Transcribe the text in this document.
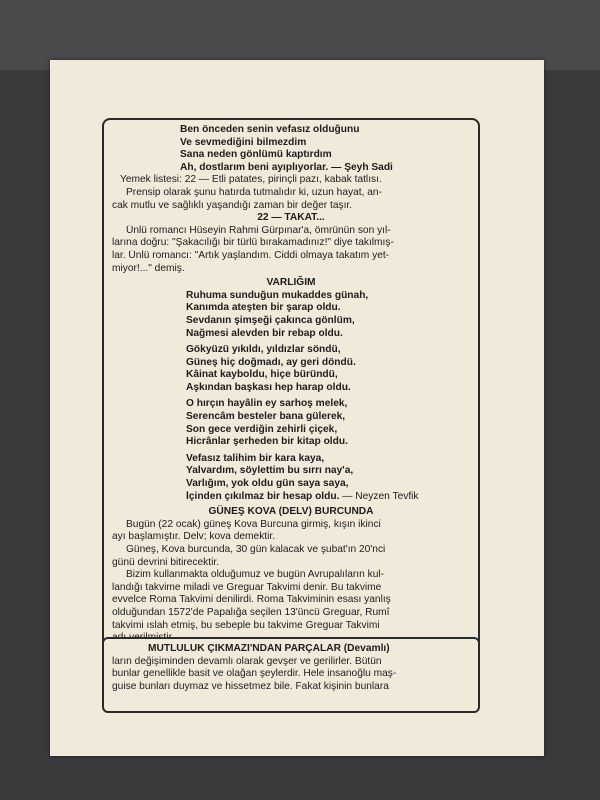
Ben önceden senin vefasız olduğunu
Ve sevmediğini bilmezdim
Sana neden gönlümü kaptırdım
Ah, dostlarım beni ayıplıyorlar. — Şeyh Sadi
Yemek listesi: 22 — Etli patates, pirinçli pazı, kabak tatlısı.
Prensip olarak şunu hatırda tutmalıdır ki, uzun hayat, an-
cak mutlu ve sağlıklı yaşandığı zaman bir değer taşır.
22 — TAKAT...
Ünlü romancı Hüseyin Rahmi Gürpınar'a, ömrünün son yıl-
larına doğru: "Şakacılığı bir türlü bırakamadınız!" diye takılmış-
lar. Ünlü romancı: "Artık yaşlandım. Ciddi olmaya takatım yet-
miyor!..." demiş.
VARLIĞIM
Ruhuma sunduğun mukaddes günah,
Kanımda ateşten bir şarap oldu.
Sevdanın şimşeği çakınca gönlüm,
Nağmesi alevden bir rebap oldu.
Gökyüzü yıkıldı, yıldızlar söndü,
Güneş hiç doğmadı, ay geri döndü.
Kâinat kayboldu, hiçe büründü,
Aşkından başkası hep harap oldu.
O hırçın hayâlin ey sarhoş melek,
Serencâm besteler bana gülerek,
Son gece verdiğin zehirli çiçek,
Hicrânlar şerheden bir kitap oldu.
Vefasız talihim bir kara kaya,
Yalvardım, söylettim bu sırrı nay'a,
Varlığım, yok oldu gün saya saya,
İçinden çıkılmaz bir hesap oldu. — Neyzen Tevfik
GÜNEŞ KOVA (DELV) BURCUNDA
Bugün (22 ocak) güneş Kova Burcuna girmiş, kışın ikinci
ayı başlamıştır. Delv; kova demektir.
Güneş, Kova burcunda, 30 gün kalacak ve şubat'ın 20'nci
günü devrini bitirecektir.
Bizim kullanmakta olduğumuz ve bugün Avrupalıların kul-
landığı takvime miladi ve Greguar Takvimi denir. Bu takvime
evvelce Roma Takvimi denilirdi. Roma Takviminin esası yanlış
olduğundan 1572'de Papalığa seçilen 13'üncü Greguar, Rumî
takvimi ıslah etmiş, bu sebeple bu takvime Greguar Takvimi
MUTLULUK ÇIKMAZI'NDAN PARÇALAR (Devamlı)
ların değişiminden devamlı olarak gevşer ve gerilirler. Bütün
bunlar genellikle basit ve olağan şeylerdir. Hele insanoğlu maş-
guise bunları duymaz ve hissetmez bile. Fakat kişinin bunlara
